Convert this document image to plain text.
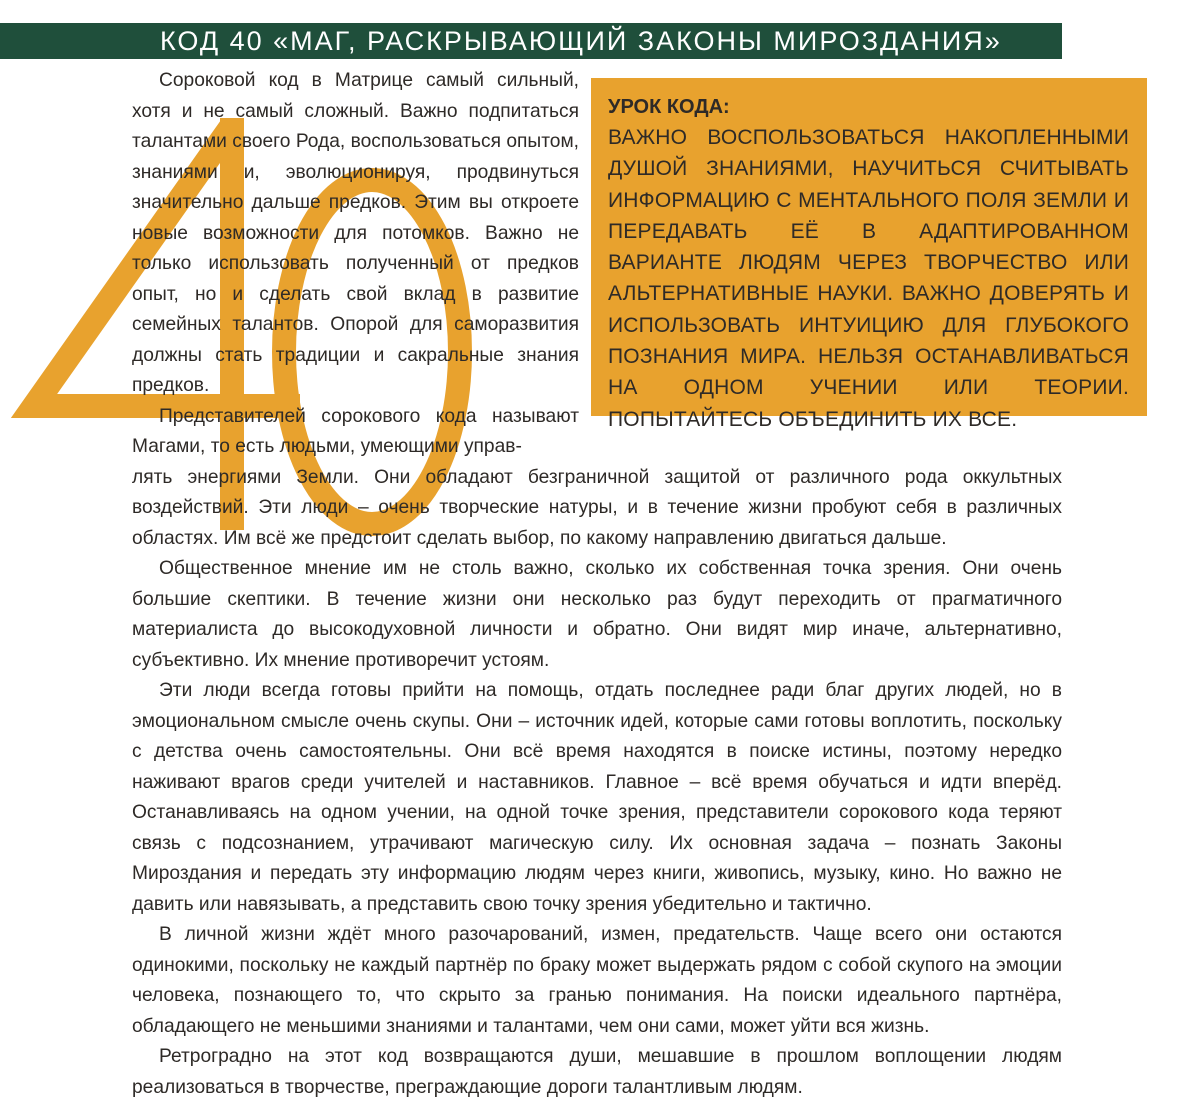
КОД 40 «МАГ, РАСКРЫВАЮЩИЙ ЗАКОНЫ МИРОЗДАНИЯ»

УРОК КОДА:

ВАЖНО ВОСПОЛЬЗОВАТЬСЯ НАКОПЛЕННЫМИ ДУШОЙ ЗНАНИЯМИ, НАУЧИТЬСЯ СЧИТЫВАТЬ ИНФОРМАЦИЮ С МЕНТАЛЬНОГО ПОЛЯ ЗЕМЛИ И ПЕРЕДАВАТЬ ЕЁ В АДАПТИРОВАННОМ ВАРИАНТЕ ЛЮДЯМ ЧЕРЕЗ ТВОРЧЕСТВО ИЛИ АЛЬТЕРНАТИВНЫЕ НАУКИ. ВАЖНО ДОВЕРЯТЬ И ИСПОЛЬЗОВАТЬ ИНТУИЦИЮ ДЛЯ ГЛУБОКОГО ПОЗНАНИЯ МИРА. НЕЛЬЗЯ ОСТАНАВЛИВАТЬСЯ НА ОДНОМ УЧЕНИИ ИЛИ ТЕОРИИ. ПОПЫТАЙТЕСЬ ОБЪЕДИНИТЬ ИХ ВСЕ.

Сороковой код в Матрице самый сильный, хотя и не самый сложный. Важно подпитаться талантами своего Рода, воспользоваться опытом, знаниями и, эволюционируя, продвинуться значительно дальше предков. Этим вы откроете новые возможности для потомков. Важно не только использовать полученный от предков опыт, но и сделать свой вклад в развитие семейных талантов. Опорой для саморазвития должны стать традиции и сакральные знания предков.

Представителей сорокового кода называют Магами, то есть людьми, умеющими управ-

лять энергиями Земли. Они обладают безграничной защитой от различного рода оккультных воздействий. Эти люди – очень творческие натуры, и в течение жизни пробуют себя в различных областях. Им всё же предстоит сделать выбор, по какому направлению двигаться дальше.

Общественное мнение им не столь важно, сколько их собственная точка зрения. Они очень большие скептики. В течение жизни они несколько раз будут переходить от прагматичного материалиста до высокодуховной личности и обратно. Они видят мир иначе, альтернативно, субъективно. Их мнение противоречит устоям.

Эти люди всегда готовы прийти на помощь, отдать последнее ради благ других людей, но в эмоциональном смысле очень скупы. Они – источник идей, которые сами готовы воплотить, поскольку с детства очень самостоятельны. Они всё время находятся в поиске истины, поэтому нередко наживают врагов среди учителей и наставников. Главное – всё время обучаться и идти вперёд. Останавливаясь на одном учении, на одной точке зрения, представители сорокового кода теряют связь с подсознанием, утрачивают магическую силу. Их основная задача – познать Законы Мироздания и передать эту информацию людям через книги, живопись, музыку, кино. Но важно не давить или навязывать, а представить свою точку зрения убедительно и тактично.

В личной жизни ждёт много разочарований, измен, предательств. Чаще всего они остаются одинокими, поскольку не каждый партнёр по браку может выдержать рядом с собой скупого на эмоции человека, познающего то, что скрыто за гранью понимания. На поиски идеального партнёра, обладающего не меньшими знаниями и талантами, чем они сами, может уйти вся жизнь.

Ретроградно на этот код возвращаются души, мешавшие в прошлом воплощении людям реализоваться в творчестве, преграждающие дороги талантливым людям.
